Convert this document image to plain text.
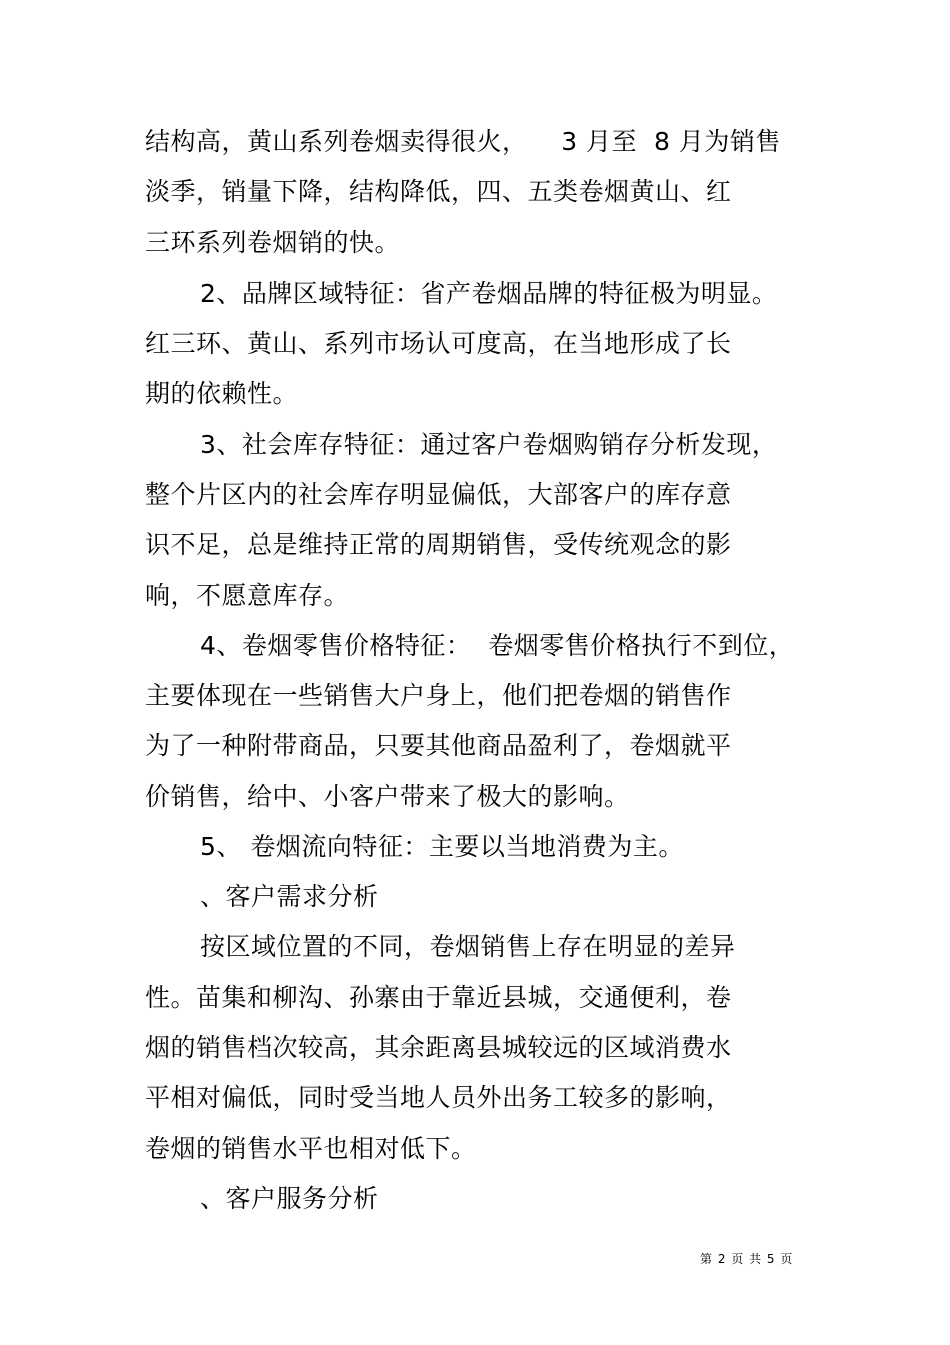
结构高，黄山系列卷烟卖得很火，    3 月至  8 月为销售
淡季，销量下降，结构降低，四、五类卷烟黄山、红
三环系列卷烟销的快。
2、品牌区域特征：省产卷烟品牌的特征极为明显。
红三环、黄山、系列市场认可度高，在当地形成了长
期的依赖性。
3、社会库存特征：通过客户卷烟购销存分析发现，
整个片区内的社会库存明显偏低，大部客户的库存意
识不足，总是维持正常的周期销售，受传统观念的影
响，不愿意库存。
4、卷烟零售价格特征：  卷烟零售价格执行不到位，
主要体现在一些销售大户身上，他们把卷烟的销售作
为了一种附带商品，只要其他商品盈利了，卷烟就平
价销售，给中、小客户带来了极大的影响。
5、 卷烟流向特征：主要以当地消费为主。
、客户需求分析
按区域位置的不同，卷烟销售上存在明显的差异
性。苗集和柳沟、孙寨由于靠近县城，交通便利，卷
烟的销售档次较高，其余距离县城较远的区域消费水
平相对偏低，同时受当地人员外出务工较多的影响，
卷烟的销售水平也相对低下。
、客户服务分析
第 2 页 共 5 页
